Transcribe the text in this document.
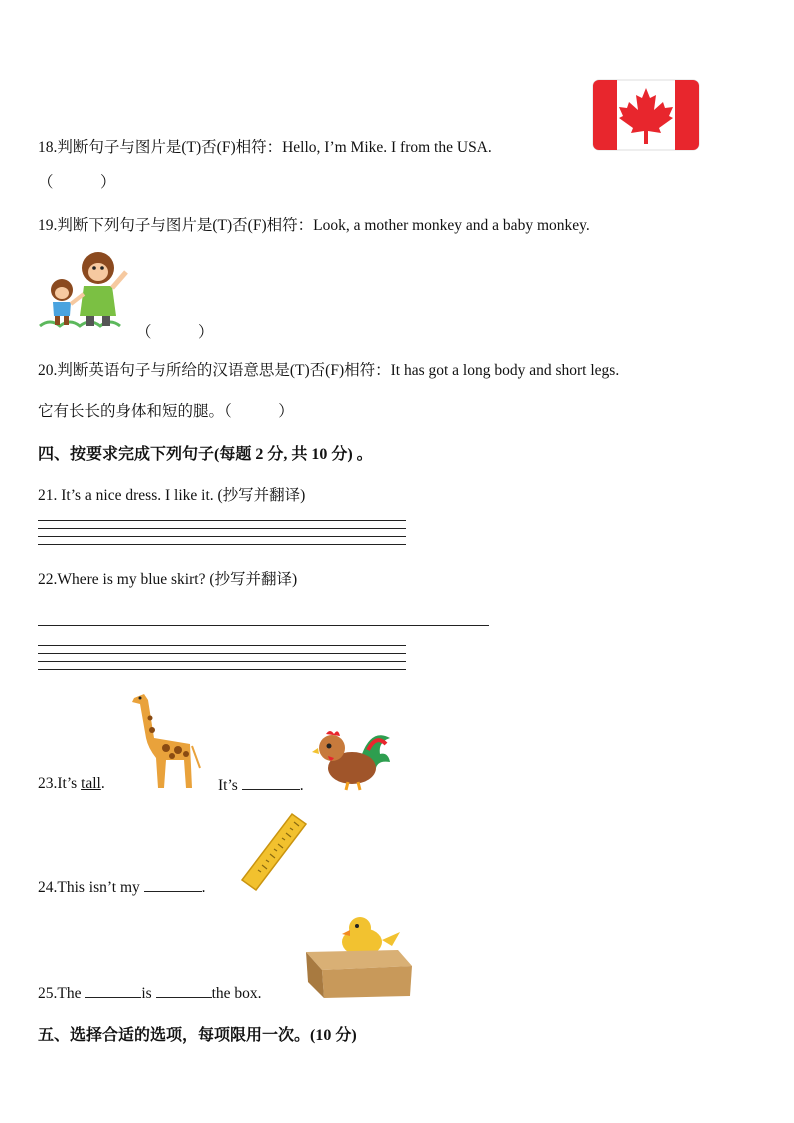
18.判断句子与图片是(T)否(F)相符：Hello, I’m Mike. I from the USA.
（　　　）
19.判断下列句子与图片是(T)否(F)相符：Look, a mother monkey and a baby monkey.
（　　　）
20.判断英语句子与所给的汉语意思是(T)否(F)相符：It has got a long body and short legs.
它有长长的身体和短的腿。（　　　）
四、按要求完成下列句子(每题 2 分, 共 10 分) 。
21. It’s a nice dress. I like it. (抄写并翻译)
22.Where is my blue skirt? (抄写并翻译)
23.It’s tall.	It’s	.
24.This isn’t my	.
25.The	is	the box.
五、选择合适的选项，每项限用一次。(10 分)
